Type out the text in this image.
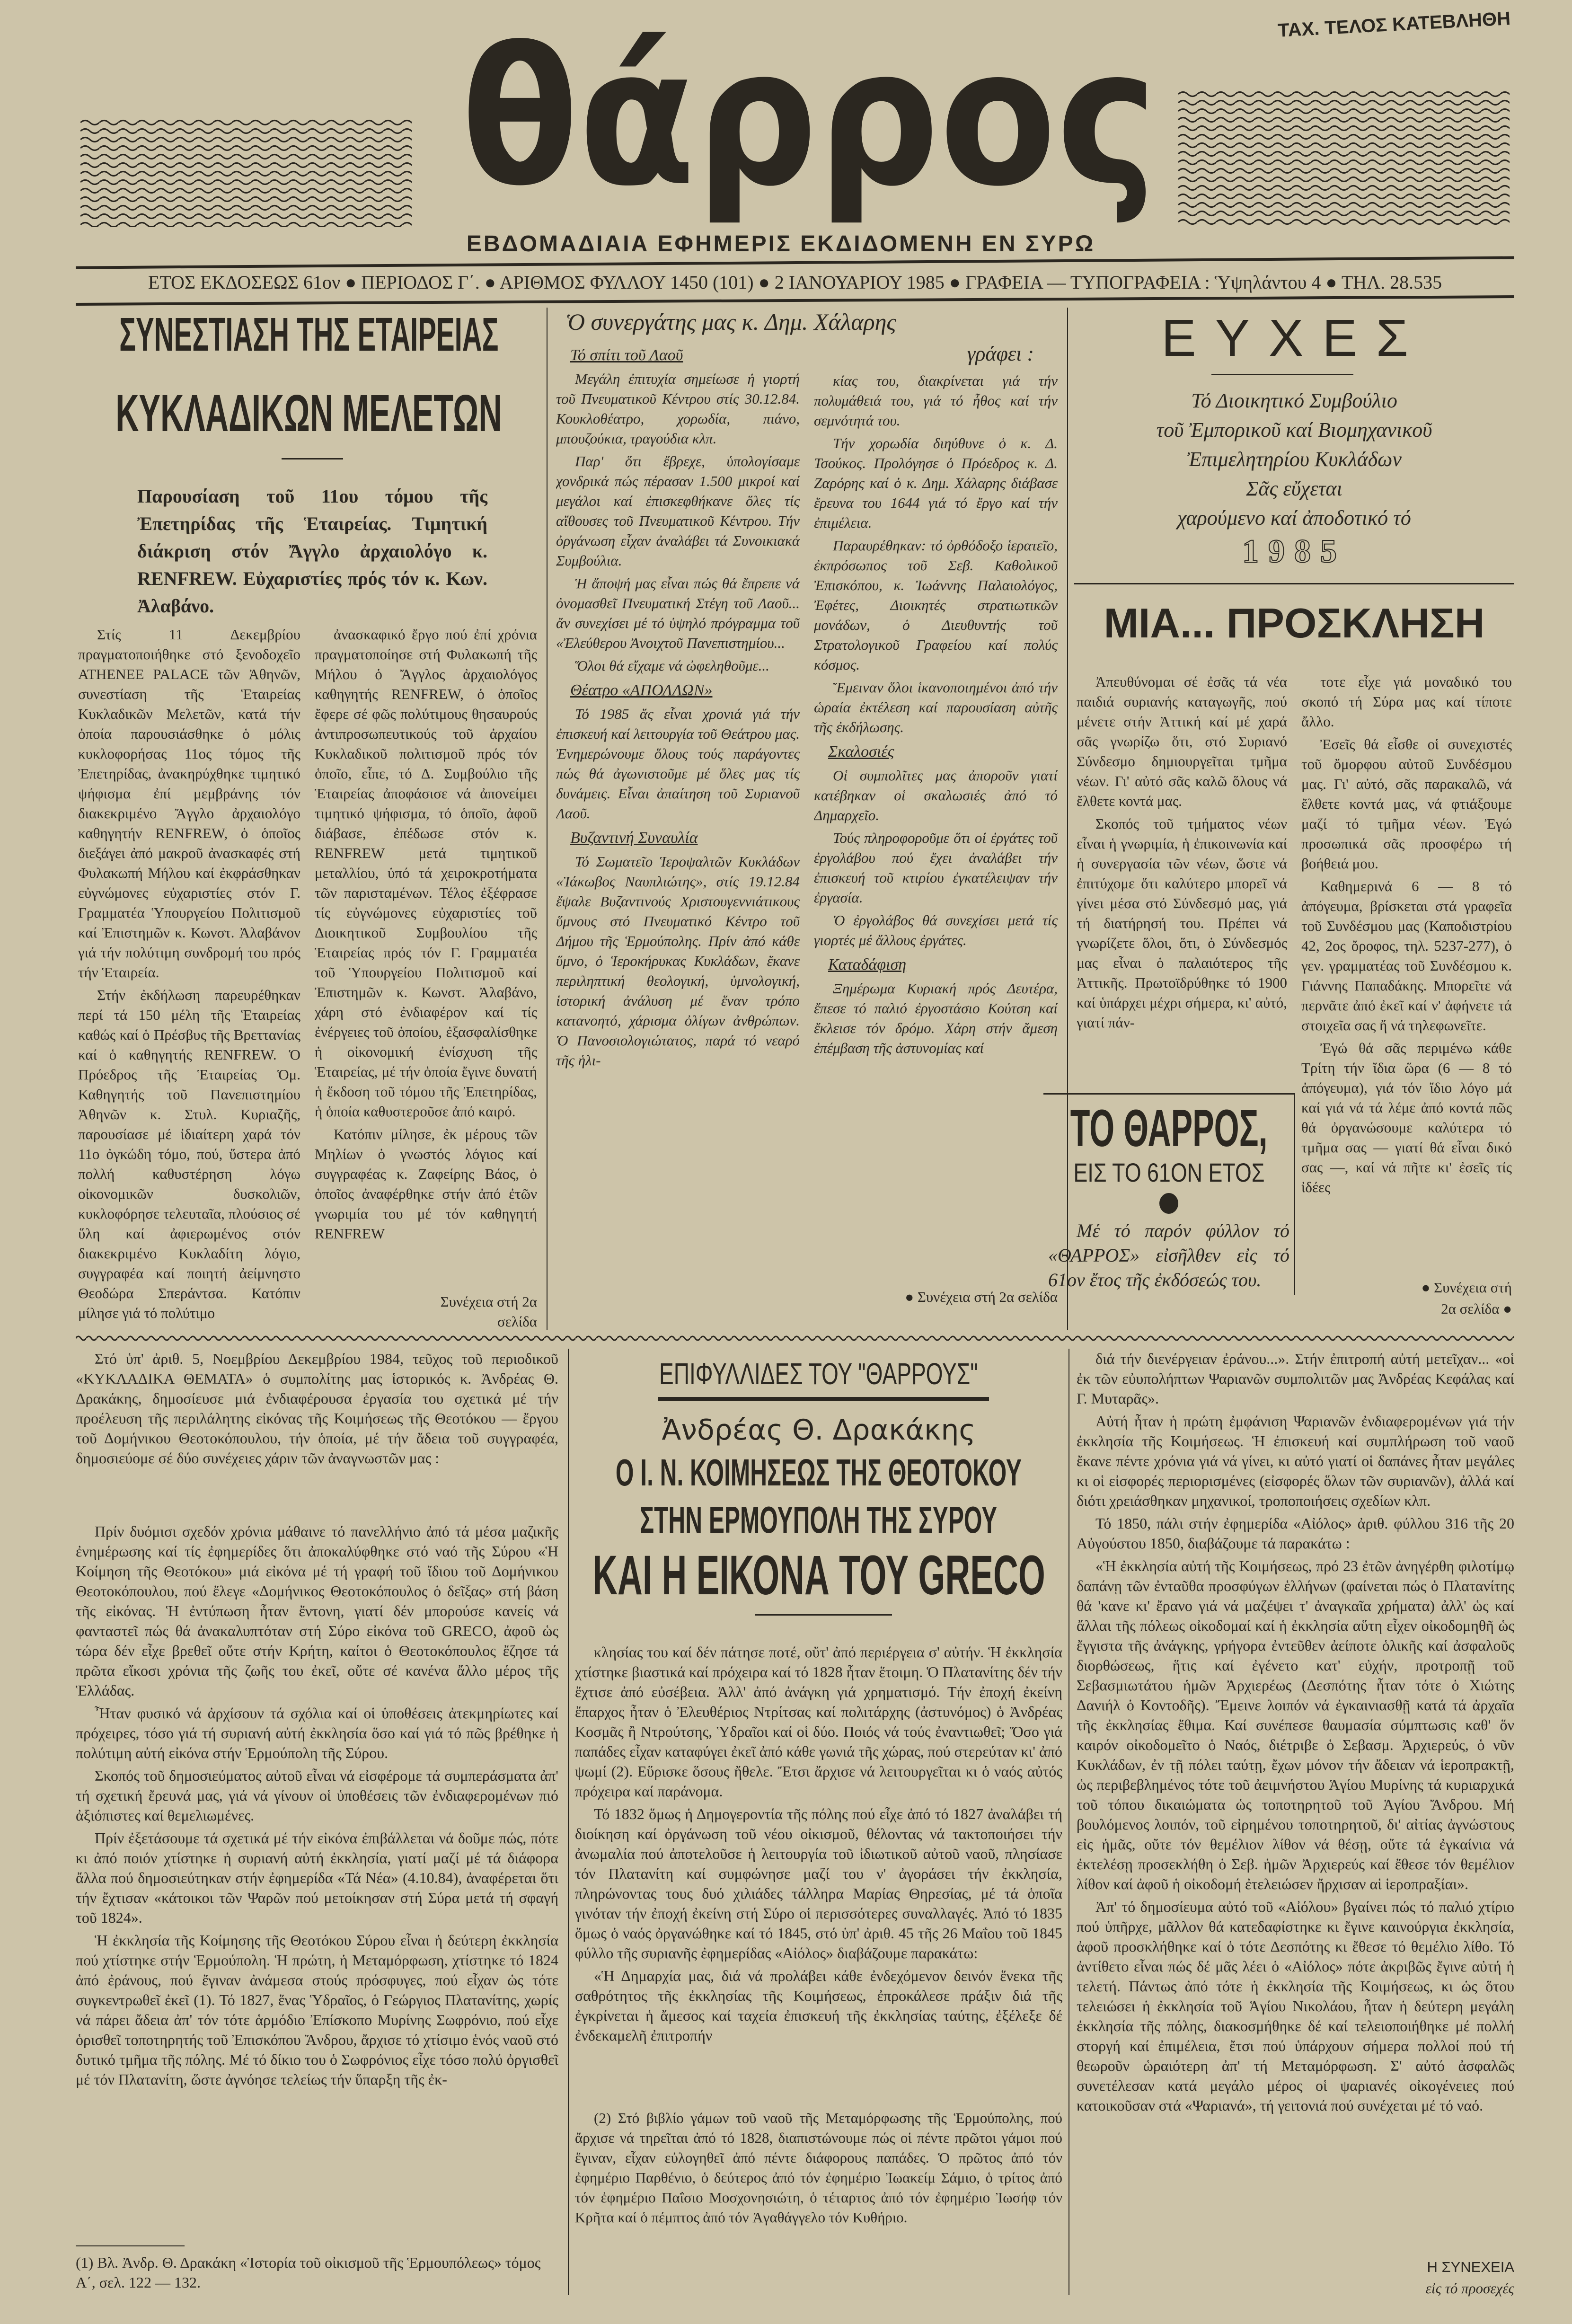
ΤΑΧ. ΤΕΛΟΣ ΚΑΤΕΒΛΗΘΗ
θάρρος
ΕΒΔΟΜΑΔΙΑΙΑ ΕΦΗΜΕΡΙΣ ΕΚΔΙΔΟΜΕΝΗ ΕΝ ΣΥΡΩ
ΕΤΟΣ ΕΚΔΟΣΕΩΣ 61ον ● ΠΕΡΙΟΔΟΣ Γ΄. ● ΑΡΙΘΜΟΣ ΦΥΛΛΟΥ 1450 (101) ● 2 ΙΑΝΟΥΑΡΙΟΥ 1985 ● ΓΡΑΦΕΙΑ — ΤΥΠΟΓΡΑΦΕΙΑ : Ὑψηλάντου 4 ● ΤΗΛ. 28.535
ΣΥΝΕΣΤΙΑΣΗ ΤΗΣ ΕΤΑΙΡΕΙΑΣ
ΚΥΚΛΑΔΙΚΩΝ ΜΕΛΕΤΩΝ
Παρουσίαση τοῦ 11ου τόμου τῆς Ἐπετηρίδας τῆς Ἑταιρείας. Τιμητική διάκριση στόν Ἄγγλο ἀρχαιολόγο κ. RENFREW. Εὐχαριστίες πρός τόν κ. Κων. Ἀλαβάνο.

Στίς 11 Δεκεμβρίου πραγματοποιήθηκε στό ξενοδοχεῖο ATHENEE PALACE τῶν Ἀθηνῶν, συνεστίαση τῆς Ἑταιρείας Κυκλαδικῶν Μελετῶν, κατά τήν ὁποία παρουσιάσθηκε ὁ μόλις κυκλοφορήσας 11ος τόμος τῆς Ἐπετηρίδας, ἀνακηρύχθηκε τιμητικό ψήφισμα ἐπί μεμβράνης τόν διακεκριμένο Ἄγγλο ἀρχαιολόγο καθηγητήν RENFREW, ὁ ὁποῖος διεξάγει ἀπό μακροῦ ἀνασκαφές στή Φυλακωπή Μήλου καί ἐκφράσθηκαν εὐγνώμονες εὐχαριστίες στόν Γ. Γραμματέα Ὑπουργείου Πολιτισμοῦ καί Ἐπιστημῶν κ. Κωνστ. Ἀλαβάνον γιά τήν πολύτιμη συνδρομή του πρός τήν Ἑταιρεία.

Στήν ἐκδήλωση παρευρέθηκαν περί τά 150 μέλη τῆς Ἑταιρείας καθώς καί ὁ Πρέσβυς τῆς Βρεττανίας καί ὁ καθηγητής RENFREW. Ὁ Πρόεδρος τῆς Ἑταιρείας Ὁμ. Καθηγητής τοῦ Πανεπιστημίου Ἀθηνῶν κ. Στυλ. Κυριαζῆς, παρουσίασε μέ ἰδιαίτερη χαρά τόν 11ο ὀγκώδη τόμο, πού, ὕστερα ἀπό πολλή καθυστέρηση λόγω οἰκονομικῶν δυσκολιῶν, κυκλοφόρησε τελευταῖα, πλούσιος σέ ὕλη καί ἀφιερωμένος στόν διακεκριμένο Κυκλαδίτη λόγιο, συγγραφέα καί ποιητή ἀείμνηστο Θεοδώρα Σπεράντσα. Κατόπιν μίλησε γιά τό πολύτιμο

ἀνασκαφικό ἔργο πού ἐπί χρόνια πραγματοποίησε στή Φυλακωπή τῆς Μήλου ὁ Ἄγγλος ἀρχαιολόγος καθηγητής RENFREW, ὁ ὁποῖος ἔφερε σέ φῶς πολύτιμους θησαυρούς ἀντιπροσωπευτικούς τοῦ ἀρχαίου Κυκλαδικοῦ πολιτισμοῦ πρός τόν ὁποῖο, εἶπε, τό Δ. Συμβούλιο τῆς Ἑταιρείας ἀποφάσισε νά ἀπονείμει τιμητικό ψήφισμα, τό ὁποῖο, ἀφοῦ διάβασε, ἐπέδωσε στόν κ. RENFREW μετά τιμητικοῦ μεταλλίου, ὑπό τά χειροκροτήματα τῶν παρισταμένων. Τέλος ἐξέφρασε τίς εὐγνώμονες εὐχαριστίες τοῦ Διοικητικοῦ Συμβουλίου τῆς Ἑταιρείας πρός τόν Γ. Γραμματέα τοῦ Ὑπουργείου Πολιτισμοῦ καί Ἐπιστημῶν κ. Κωνστ. Ἀλαβάνο, χάρη στό ἐνδιαφέρον καί τίς ἐνέργειες τοῦ ὁποίου, ἐξασφαλίσθηκε ἡ οἰκονομική ἐνίσχυση τῆς Ἑταιρείας, μέ τήν ὁποία ἔγινε δυνατή ἡ ἔκδοση τοῦ τόμου τῆς Ἐπετηρίδας, ἡ ὁποία καθυστεροῦσε ἀπό καιρό.

Κατόπιν μίλησε, ἐκ μέρους τῶν Μηλίων ὁ γνωστός λόγιος καί συγγραφέας κ. Ζαφείρης Βάος, ὁ ὁποῖος ἀναφέρθηκε στήν ἀπό ἐτῶν γνωριμία του μέ τόν καθηγητή RENFREW

Συνέχεια στή 2α σελίδα
Ὁ συνεργάτης μας κ. Δημ. Χάλαρης
γράφει :
Τό σπίτι τοῦ Λαοῦ

Μεγάλη ἐπιτυχία σημείωσε ἡ γιορτή τοῦ Πνευματικοῦ Κέντρου στίς 30.12.84. Κουκλοθέατρο, χορωδία, πιάνο, μπουζούκια, τραγούδια κλπ.

Παρ' ὅτι ἔβρεχε, ὑπολογίσαμε χονδρικά πώς πέρασαν 1.500 μικροί καί μεγάλοι καί ἐπισκεφθήκανε ὅλες τίς αἴθουσες τοῦ Πνευματικοῦ Κέντρου. Τήν ὀργάνωση εἶχαν ἀναλάβει τά Συνοικιακά Συμβούλια.

Ἡ ἄποψή μας εἶναι πώς θά ἔπρεπε νά ὀνομασθεῖ Πνευματική Στέγη τοῦ Λαοῦ... ἄν συνεχίσει μέ τό ὑψηλό πρόγραμμα τοῦ «Ἐλεύθερου Ἀνοιχτοῦ Πανεπιστημίου...

Ὅλοι θά εἴχαμε νά ὠφεληθοῦμε...

Θέατρο «ΑΠΟΛΛΩΝ»

Τό 1985 ἄς εἶναι χρονιά γιά τήν ἐπισκευή καί λειτουργία τοῦ Θεάτρου μας. Ἐνημερώνουμε ὅλους τούς παράγοντες πώς θά ἀγωνιστοῦμε μέ ὅλες μας τίς δυνάμεις. Εἶναι ἀπαίτηση τοῦ Συριανοῦ Λαοῦ.

Βυζαντινή Συναυλία

Τό Σωματεῖο Ἱεροψαλτῶν Κυκλάδων «Ἰάκωβος Ναυπλιώτης», στίς 19.12.84 ἔψαλε Βυζαντινούς Χριστουγεννιάτικους ὕμνους στό Πνευματικό Κέντρο τοῦ Δήμου τῆς Ἑρμούπολης. Πρίν ἀπό κάθε ὕμνο, ὁ Ἱεροκήρυκας Κυκλάδων, ἔκανε περιληπτική θεολογική, ὑμνολογική, ἱστορική ἀνάλυση μέ ἕναν τρόπο κατανοητό, χάρισμα ὀλίγων ἀνθρώπων. Ὁ Πανοσιολογιώτατος, παρά τό νεαρό τῆς ἡλι-

κίας του, διακρίνεται γιά τήν πολυμάθειά του, γιά τό ἦθος καί τήν σεμνότητά του.

Τήν χορωδία διηύθυνε ὁ κ. Δ. Τσούκος. Προλόγησε ὁ Πρόεδρος κ. Δ. Ζαρόρης καί ὁ κ. Δημ. Χάλαρης διάβασε ἔρευνα του 1644 γιά τό ἔργο καί τήν ἐπιμέλεια.

Παραυρέθηκαν: τό ὀρθόδοξο ἱερατεῖο, ἐκπρόσωπος τοῦ Σεβ. Καθολικοῦ Ἐπισκόπου, κ. Ἰωάννης Παλαιολόγος, Ἐφέτες, Διοικητές στρατιωτικῶν μονάδων, ὁ Διευθυντής τοῦ Στρατολογικοῦ Γραφείου καί πολύς κόσμος.

Ἔμειναν ὅλοι ἱκανοποιημένοι ἀπό τήν ὡραία ἐκτέλεση καί παρουσίαση αὐτῆς τῆς ἐκδήλωσης.

Σκαλοσιές

Οἱ συμπολῖτες μας ἀποροῦν γιατί κατέβηκαν οἱ σκαλωσιές ἀπό τό Δημαρχεῖο.

Τούς πληροφοροῦμε ὅτι οἱ ἐργάτες τοῦ ἐργολάβου πού ἔχει ἀναλάβει τήν ἐπισκευή τοῦ κτιρίου ἐγκατέλειψαν τήν ἐργασία.

Ὁ ἐργολάβος θά συνεχίσει μετά τίς γιορτές μέ ἄλλους ἐργάτες.

Καταδάφιση

Ξημέρωμα Κυριακή πρός Δευτέρα, ἔπεσε τό παλιό ἐργοστάσιο Κούτση καί ἔκλεισε τόν δρόμο. Χάρη στήν ἄμεση ἐπέμβαση τῆς ἀστυνομίας καί

● Συνέχεια στή 2α σελίδα
ΕΥΧΕΣ
Τό Διοικητικό Συμβούλιο
τοῦ Ἐμπορικοῦ καί Βιομηχανικοῦ
Ἐπιμελητηρίου Κυκλάδων
Σᾶς εὔχεται
χαρούμενο καί ἀποδοτικό τό
1985
ΜΙΑ... ΠΡΟΣΚΛΗΣΗ

Ἀπευθύνομαι σέ ἐσᾶς τά νέα παιδιά συριανής καταγωγῆς, πού μένετε στήν Ἀττική καί μέ χαρά σᾶς γνωρίζω ὅτι, στό Συριανό Σύνδεσμο δημιουργεῖται τμῆμα νέων. Γι' αὐτό σᾶς καλῶ ὅλους νά ἔλθετε κοντά μας.

Σκοπός τοῦ τμήματος νέων εἶναι ἡ γνωριμία, ἡ ἐπικοινωνία καί ἡ συνεργασία τῶν νέων, ὥστε νά ἐπιτύχομε ὅτι καλύτερο μπορεῖ νά γίνει μέσα στό Σύνδεσμό μας, γιά τή διατήρησή του. Πρέπει νά γνωρίζετε ὅλοι, ὅτι, ὁ Σύνδεσμός μας εἶναι ὁ παλαιότερος τῆς Ἀττικῆς. Πρωτοϊδρύθηκε τό 1900 καί ὑπάρχει μέχρι σήμερα, κι' αὐτό, γιατί πάν-

τοτε εἶχε γιά μοναδικό του σκοπό τή Σύρα μας καί τίποτε ἄλλο.

Ἐσεῖς θά εἶσθε οἱ συνεχιστές τοῦ ὄμορφου αὐτοῦ Συνδέσμου μας. Γι' αὐτό, σᾶς παρακαλῶ, νά ἔλθετε κοντά μας, νά φτιάξουμε μαζί τό τμῆμα νέων. Ἐγώ προσωπικά σᾶς προσφέρω τή βοήθειά μου.

Καθημερινά 6 — 8 τό ἀπόγευμα, βρίσκεται στά γραφεῖα τοῦ Συνδέσμου μας (Καποδιστρίου 42, 2ος ὄροφος, τηλ. 5237-277), ὁ γεν. γραμματέας τοῦ Συνδέσμου κ. Γιάννης Παπαδάκης. Μπορεῖτε νά περνᾶτε ἀπό ἐκεῖ καί ν' ἀφήνετε τά στοιχεῖα σας ἤ νά τηλεφωνεῖτε.

Ἐγώ θά σᾶς περιμένω κάθε Τρίτη τήν ἴδια ὥρα (6 — 8 τό ἀπόγευμα), γιά τόν ἴδιο λόγο μά καί γιά νά τά λέμε ἀπό κοντά πῶς θά ὀργανώσουμε καλύτερα τό τμῆμα σας — γιατί θά εἶναι δικό σας —, καί νά πῆτε κι' ἐσεῖς τίς ἰδέες

● Συνέχεια στή
2α σελίδα ●
ΤΟ ΘΑΡΡΟΣ,
ΕΙΣ ΤΟ 61ΟΝ ΕΤΟΣ
Μέ τό παρόν φύλλον τό «ΘΑΡΡΟΣ» εἰσῆλθεν εἰς τό 61ον ἔτος τῆς ἐκδόσεώς του.

Στό ὑπ' ἀριθ. 5, Νοεμβρίου Δεκεμβρίου 1984, τεῦχος τοῦ περιοδικοῦ «ΚΥΚΛΑΔΙΚΑ ΘΕΜΑΤΑ» ὁ συμπολίτης μας ἱστορικός κ. Ἀνδρέας Θ. Δρακάκης, δημοσίευσε μιά ἐνδιαφέρουσα ἐργασία του σχετικά μέ τήν προέλευση τῆς περιλάλητης εἰκόνας τῆς Κοιμήσεως τῆς Θεοτόκου — ἔργου τοῦ Δομήνικου Θεοτοκόπουλου, τήν ὁποία, μέ τήν ἄδεια τοῦ συγγραφέα, δημοσιεύομε σέ δύο συνέχειες χάριν τῶν ἀναγνωστῶν μας :

Πρίν δυόμισι σχεδόν χρόνια μάθαινε τό πανελλήνιο ἀπό τά μέσα μαζικῆς ἐνημέρωσης καί τίς ἐφημερίδες ὅτι ἀποκαλύφθηκε στό ναό τῆς Σύρου «Ἡ Κοίμηση τῆς Θεοτόκου» μιά εἰκόνα μέ τή γραφή τοῦ ἴδιου τοῦ Δομήνικου Θεοτοκόπουλου, πού ἔλεγε «Δομήνικος Θεοτοκόπουλος ὁ δεῖξας» στή βάση τῆς εἰκόνας. Ἡ ἐντύπωση ἦταν ἔντονη, γιατί δέν μπορούσε κανείς νά φανταστεῖ πώς θά ἀνακαλυπτόταν στή Σύρο εἰκόνα τοῦ GRECO, ἀφοῦ ὡς τώρα δέν εἶχε βρεθεῖ οὔτε στήν Κρήτη, καίτοι ὁ Θεοτοκόπουλος ἔζησε τά πρῶτα εἴκοσι χρόνια τῆς ζωῆς του ἐκεῖ, οὔτε σέ κανένα ἄλλο μέρος τῆς Ἑλλάδας.

Ἦταν φυσικό νά ἀρχίσουν τά σχόλια καί οἱ ὑποθέσεις ἀτεκμηρίωτες καί πρόχειρες, τόσο γιά τή συριανή αὐτή ἐκκλησία ὅσο καί γιά τό πῶς βρέθηκε ἡ πολύτιμη αὐτή εἰκόνα στήν Ἑρμούπολη τῆς Σύρου.

Σκοπός τοῦ δημοσιεύματος αὐτοῦ εἶναι νά εἰσφέρομε τά συμπεράσματα ἀπ' τή σχετική ἔρευνά μας, γιά νά γίνουν οἱ ὑποθέσεις τῶν ἐνδιαφερομένων πιό ἀξιόπιστες καί θεμελιωμένες.

Πρίν ἐξετάσουμε τά σχετικά μέ τήν εἰκόνα ἐπιβάλλεται νά δοῦμε πώς, πότε κι ἀπό ποιόν χτίστηκε ἡ συριανή αὐτή ἐκκλησία, γιατί μαζί μέ τά διάφορα ἄλλα πού δημοσιεύτηκαν στήν ἐφημερίδα «Τά Νέα» (4.10.84), ἀναφέρεται ὅτι τήν ἔχτισαν «κάτοικοι τῶν Ψαρῶν πού μετοίκησαν στή Σύρα μετά τή σφαγή τοῦ 1824».

Ἡ ἐκκλησία τῆς Κοίμησης τῆς Θεοτόκου Σύρου εἶναι ἡ δεύτερη ἐκκλησία πού χτίστηκε στήν Ἑρμούπολη. Ἡ πρώτη, ἡ Μεταμόρφωση, χτίστηκε τό 1824 ἀπό ἐράνους, πού ἔγιναν ἀνάμεσα στούς πρόσφυγες, πού εἶχαν ὡς τότε συγκεντρωθεῖ ἐκεῖ (1). Τό 1827, ἕνας Ὑδραῖος, ὁ Γεώργιος Πλατανίτης, χωρίς νά πάρει ἄδεια ἀπ' τόν τότε ἁρμόδιο Ἐπίσκοπο Μυρίνης Σωφρόνιο, πού εἶχε ὁρισθεῖ τοποτηρητής τοῦ Ἐπισκόπου Ἄνδρου, ἄρχισε τό χτίσιμο ἑνός ναοῦ στό δυτικό τμῆμα τῆς πόλης. Μέ τό δίκιο του ὁ Σωφρόνιος εἶχε τόσο πολύ ὀργισθεῖ μέ τόν Πλατανίτη, ὥστε ἀγνόησε τελείως τήν ὕπαρξη τῆς ἐκ-

(1) Βλ. Ἀνδρ. Θ. Δρακάκη «Ἱστορία τοῦ οἰκισμοῦ τῆς Ἑρμουπόλεως» τόμος Α΄, σελ. 122 — 132.
ΕΠΙΦΥΛΛΙΔΕΣ ΤΟΥ "ΘΑΡΡΟΥΣ"
Ἀνδρέας Θ. Δρακάκης
Ο Ι. Ν. ΚΟΙΜΗΣΕΩΣ ΤΗΣ ΘΕΟΤΟΚΟΥ
ΣΤΗΝ ΕΡΜΟΥΠΟΛΗ ΤΗΣ ΣΥΡΟΥ
ΚΑΙ Η ΕΙΚΟΝΑ ΤΟΥ GRECO

κλησίας του καί δέν πάτησε ποτέ, οὔτ' ἀπό περιέργεια σ' αὐτήν. Ἡ ἐκκλησία χτίστηκε βιαστικά καί πρόχειρα καί τό 1828 ἦταν ἕτοιμη. Ὁ Πλατανίτης δέν τήν ἔχτισε ἀπό εὐσέβεια. Ἀλλ' ἀπό ἀνάγκη γιά χρηματισμό. Τήν ἐποχή ἐκείνη ἔπαρχος ἦταν ὁ Ἐλευθέριος Ντρίτσας καί πολιτάρχης (ἀστυνόμος) ὁ Ἀνδρέας Κοσμᾶς ἢ Ντρούτσης, Ὑδραῖοι καί οἱ δύο. Ποιός νά τούς ἐναντιωθεῖ; Ὅσο γιά παπάδες εἶχαν καταφύγει ἐκεῖ ἀπό κάθε γωνιά τῆς χώρας, πού στερεύταν κι' ἀπό ψωμί (2). Εὕρισκε ὅσους ἤθελε. Ἔτσι ἄρχισε νά λειτουργεῖται κι ὁ ναός αὐτός πρόχειρα καί παράνομα.

Τό 1832 ὅμως ἡ Δημογεροντία τῆς πόλης πού εἶχε ἀπό τό 1827 ἀναλάβει τή διοίκηση καί ὀργάνωση τοῦ νέου οἰκισμοῦ, θέλοντας νά τακτοποιήσει τήν ἀνωμαλία πού ἀποτελοῦσε ἡ λειτουργία τοῦ ἰδιωτικοῦ αὐτοῦ ναοῦ, πλησίασε τόν Πλατανίτη καί συμφώνησε μαζί του ν' ἀγοράσει τήν ἐκκλησία, πληρώνοντας τους δυό χιλιάδες τάλληρα Μαρίας Θηρεσίας, μέ τά ὁποῖα γινόταν τήν ἐποχή ἐκείνη στή Σύρο οἱ περισσότερες συναλλαγές. Ἀπό τό 1835 ὅμως ὁ ναός ὀργανώθηκε καί τό 1845, στό ὑπ' ἀριθ. 45 τῆς 26 Μαΐου τοῦ 1845 φύλλο τῆς συριανῆς ἐφημερίδας «Αἰόλος» διαβάζουμε παρακάτω:

«Ἡ Δημαρχία μας, διά νά προλάβει κάθε ἐνδεχόμενον δεινόν ἕνεκα τῆς σαθρότητος τῆς ἐκκλησίας τῆς Κοιμήσεως, ἐπροκάλεσε πράξιν διά τῆς ἐγκρίνεται ἡ ἄμεσος καί ταχεία ἐπισκευή τῆς ἐκκλησίας ταύτης, ἐξέλεξε δέ ἐνδεκαμελῆ ἐπιτροπήν

(2) Στό βιβλίο γάμων τοῦ ναοῦ τῆς Μεταμόρφωσης τῆς Ἑρμούπολης, πού ἄρχισε νά τηρεῖται ἀπό τό 1828, διαπιστώνουμε πώς οἱ πέντε πρῶτοι γάμοι πού ἔγιναν, εἶχαν εὐλογηθεῖ ἀπό πέντε διάφορους παπάδες. Ὁ πρῶτος ἀπό τόν ἐφημέριο Παρθένιο, ὁ δεύτερος ἀπό τόν ἐφημέριο Ἰωακείμ Σάμιο, ὁ τρίτος ἀπό τόν ἐφημέριο Παΐσιο Μοσχονησιώτη, ὁ τέταρτος ἀπό τόν ἐφημέριο Ἰωσήφ τόν Κρῆτα καί ὁ πέμπτος ἀπό τόν Ἀγαθάγγελο τόν Κυθήριο.

διά τήν διενέργειαν ἐράνου...». Στήν ἐπιτροπή αὐτή μετεῖχαν... «οἱ ἐκ τῶν εὐυπολήπτων Ψαριανῶν συμπολιτῶν μας Ἀνδρέας Κεφάλας καί Γ. Μυταρᾶς».

Αὐτή ἦταν ἡ πρώτη ἐμφάνιση Ψαριανῶν ἐνδιαφερομένων γιά τήν ἐκκλησία τῆς Κοιμήσεως. Ἡ ἐπισκευή καί συμπλήρωση τοῦ ναοῦ ἔκανε πέντε χρόνια γιά νά γίνει, κι αὐτό γιατί οἱ δαπάνες ἦταν μεγάλες κι οἱ εἰσφορές περιορισμένες (εἰσφορές ὅλων τῶν συριανῶν), ἀλλά καί διότι χρειάσθηκαν μηχανικοί, τροποποιήσεις σχεδίων κλπ.

Τό 1850, πάλι στήν ἐφημερίδα «Αἰόλος» ἀριθ. φύλλου 316 τῆς 20 Αὐγούστου 1850, διαβάζουμε τά παρακάτω :

«Ἡ ἐκκλησία αὐτή τῆς Κοιμήσεως, πρό 23 ἐτῶν ἀνηγέρθη φιλοτίμῳ δαπάνῃ τῶν ἐνταῦθα προσφύγων ἑλλήνων (φαίνεται πώς ὁ Πλατανίτης θά 'κανε κι' ἔρανο γιά νά μαζέψει τ' ἀναγκαῖα χρήματα) ἀλλ' ὡς καί ἄλλαι τῆς πόλεως οἰκοδομαί καί ἡ ἐκκλησία αὕτη εἶχεν οἰκοδομηθῆ ὡς ἔγγιστα τῆς ἀνάγκης, γρήγορα ἐντεῦθεν ἀείποτε ὁλικῆς καί ἀσφαλοῦς διορθώσεως, ἥτις καί ἐγένετο κατ' εὐχήν, προτροπῇ τοῦ Σεβασμιωτάτου ἡμῶν Ἀρχιερέως (Δεσπότης ἦταν τότε ὁ Χιώτης Δανιήλ ὁ Κοντοδῆς). Ἔμεινε λοιπόν νά ἐγκαινιασθῇ κατά τά ἀρχαῖα τῆς ἐκκλησίας ἔθιμα. Καί συνέπεσε θαυμασία σύμπτωσις καθ' ὅν καιρόν οἰκοδομεῖτο ὁ Ναός, διέτριβε ὁ Σεβασμ. Ἀρχιερεύς, ὁ νῦν Κυκλάδων, ἐν τῇ πόλει ταύτῃ, ἔχων μόνον τήν ἄδειαν νά ἱεροπρακτῇ, ὡς περιβεβλημένος τότε τοῦ ἀειμνήστου Ἁγίου Μυρίνης τά κυριαρχικά τοῦ τόπου δικαιώματα ὡς τοποτηρητοῦ τοῦ Ἁγίου Ἄνδρου. Μή βουλόμενος λοιπόν, τοῦ εἰρημένου τοποτηρητοῦ, δι' αἰτίας ἀγνώστους εἰς ἡμᾶς, οὔτε τόν θεμέλιον λίθον νά θέσῃ, οὔτε τά ἐγκαίνια νά ἐκτελέσῃ προσεκλήθη ὁ Σεβ. ἡμῶν Ἀρχιερεύς καί ἔθεσε τόν θεμέλιον λίθον καί ἀφοῦ ἡ οἰκοδομή ἐτελειώσεν ἤρχισαν αἱ ἱεροπραξίαι».

Ἀπ' τό δημοσίευμα αὐτό τοῦ «Αἰόλου» βγαίνει πώς τό παλιό χτίριο πού ὑπῆρχε, μᾶλλον θά κατεδαφίστηκε κι ἔγινε καινούργια ἐκκλησία, ἀφοῦ προσκλήθηκε καί ὁ τότε Δεσπότης κι ἔθεσε τό θεμέλιο λίθο. Τό ἀντίθετο εἶναι πώς δέ μᾶς λέει ὁ «Αἰόλος» πότε ἀκριβῶς ἔγινε αὐτή ἡ τελετή. Πάντως ἀπό τότε ἡ ἐκκλησία τῆς Κοιμήσεως, κι ὡς ὅτου τελειώσει ἡ ἐκκλησία τοῦ Ἁγίου Νικολάου, ἦταν ἡ δεύτερη μεγάλη ἐκκλησία τῆς πόλης, διακοσμήθηκε δέ καί τελειοποιήθηκε μέ πολλή στοργή καί ἐπιμέλεια, ἔτσι πού ὑπάρχουν σήμερα πολλοί πού τή θεωροῦν ὡραιότερη ἀπ' τή Μεταμόρφωση. Σ' αὐτό ἀσφαλῶς συνετέλεσαν κατά μεγάλο μέρος οἱ ψαριανές οἰκογένειες πού κατοικοῦσαν στά «Ψαριανά», τή γειτονιά πού συνέχεται μέ τό ναό.

Η ΣΥΝΕΧΕΙΑ
εἰς τό προσεχές
